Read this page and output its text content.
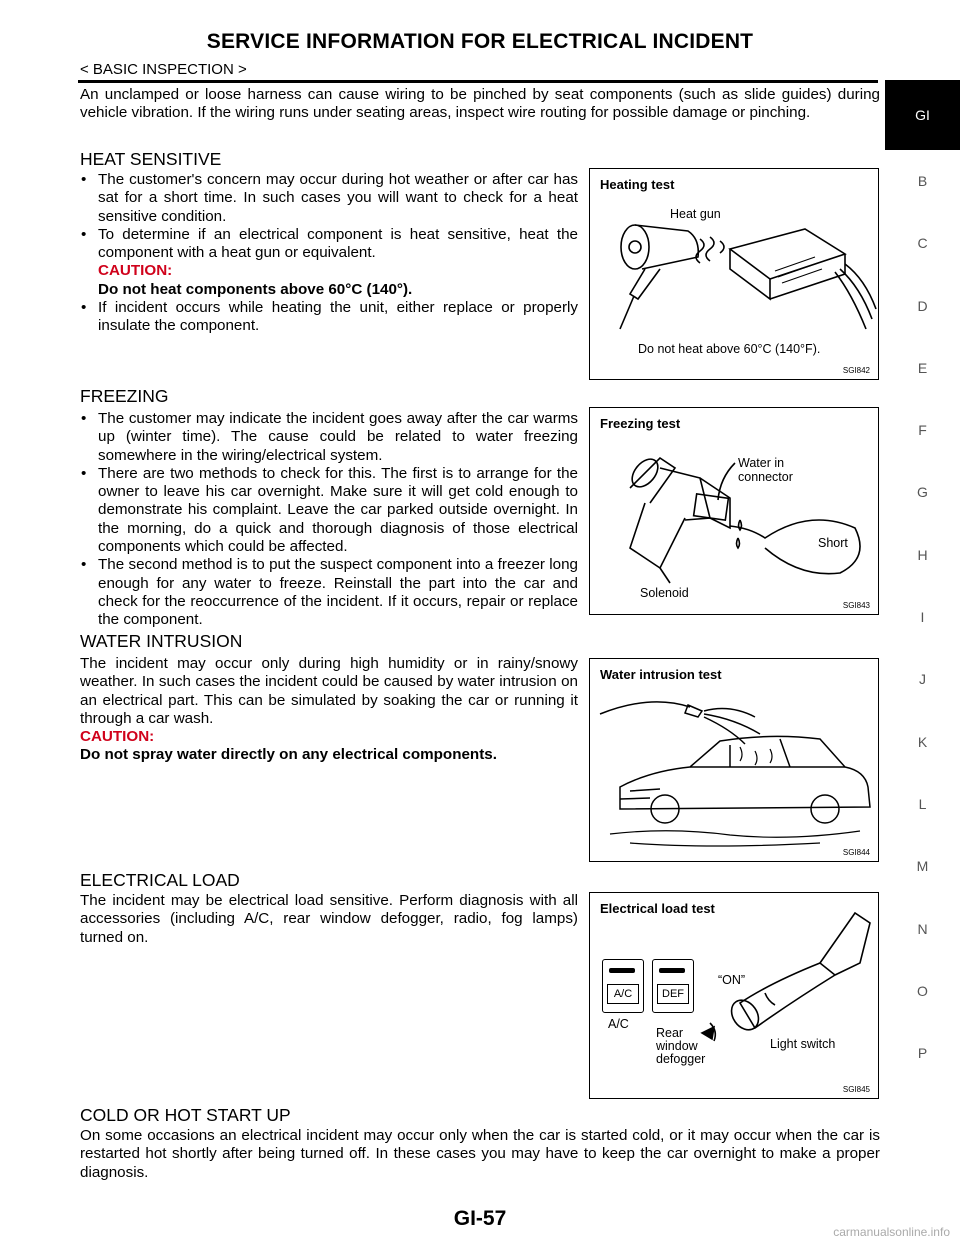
SERVICE INFORMATION FOR ELECTRICAL INCIDENT
< BASIC INSPECTION >
GI
B
C
D
E
F
G
H
I
J
K
L
M
N
O
P
An unclamped or loose harness can cause wiring to be pinched by seat components (such as slide guides) during vehicle vibration. If the wiring runs under seating areas, inspect wire routing for possible damage or pinching.
HEAT SENSITIVE
• The customer's concern may occur during hot weather or after car has sat for a short time. In such cases you will want to check for a heat sensitive condition.
• To determine if an electrical component is heat sensitive, heat the component with a heat gun or equivalent.
CAUTION:
Do not heat components above 60°C (140°).
• If incident occurs while heating the unit, either replace or properly insulate the component.
Heating test
Heat gun
Do not heat above 60°C (140°F).
SGI842
FREEZING
• The customer may indicate the incident goes away after the car warms up (winter time). The cause could be related to water freezing somewhere in the wiring/electrical system.
• There are two methods to check for this. The first is to arrange for the owner to leave his car overnight. Make sure it will get cold enough to demonstrate his complaint. Leave the car parked outside overnight. In the morning, do a quick and thorough diagnosis of those electrical components which could be affected.
• The second method is to put the suspect component into a freezer long enough for any water to freeze. Reinstall the part into the car and check for the reoccurrence of the incident. If it occurs, repair or replace the component.
Freezing test
Water in connector
Short
Solenoid
SGI843
WATER INTRUSION
The incident may occur only during high humidity or in rainy/snowy weather. In such cases the incident could be caused by water intrusion on an electrical part. This can be simulated by soaking the car or running it through a car wash.
CAUTION:
Do not spray water directly on any electrical components.
Water intrusion test
SGI844
ELECTRICAL LOAD
The incident may be electrical load sensitive. Perform diagnosis with all accessories (including A/C, rear window defogger, radio, fog lamps) turned on.
Electrical load test
A/C	DEF
A/C
Rear window defogger
“ON”
Light switch
SGI845
COLD OR HOT START UP
On some occasions an electrical incident may occur only when the car is started cold, or it may occur when the car is restarted hot shortly after being turned off. In these cases you may have to keep the car overnight to make a proper diagnosis.
GI-57
carmanualsonline.info
